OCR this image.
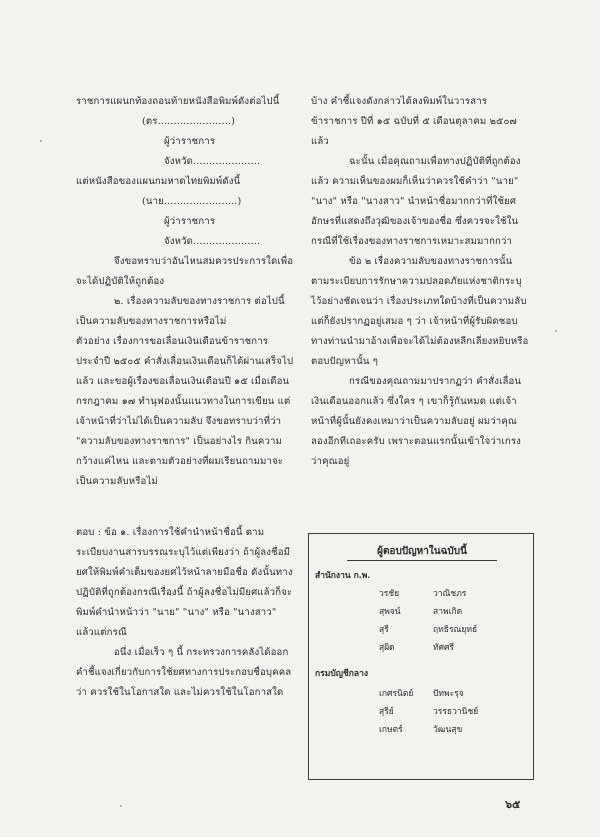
ราชการแผนกท้องถอนท้ายหนังสือพิมพ์ดังต่อไปนี้

(ตร.......................)

ผู้ว่าราชการจังหวัด.....................

แต่หนังสือของแผนกมหาดไทยพิมพ์ดังนี้

(นาย.......................)

ผู้ว่าราชการจังหวัด.....................

จึงขอทราบว่าอันไหนสมควรประการใดเพื่อจะได้ปฏิบัติให้ถูกต้อง

๒. เรื่องความลับของทางราชการ ต่อไปนี้เป็นความลับของทางราชการหรือไม่

ตัวอย่าง เรื่องการขอเลื่อนเงินเดือนข้าราชการประจำปี ๒๕๐๕ คำสั่งเลื่อนเงินเดือนก็ได้ผ่านเสร็จไปแล้ว และขอผู้เรื่องขอเลื่อนเงินเดือนปี ๑๕ เมื่อเดือนกรกฎาคม ๑๗ ทำนุฟองนั้นแนวทางในการเขียน แต่เจ้าหน้าที่ว่าไม่ได้เป็นความลับ จึงขอทราบว่าที่ว่า "ความลับของทางราชการ" เป็นอย่างไร กินความกว้างแค่ไหน และตามตัวอย่างที่ผมเรียนถามมาจะเป็นความลับหรือไม่

บ้าง คำชี้แจงดังกล่าวได้ลงพิมพ์ในวารสารข้าราชการ ปีที่ ๑๕ ฉบับที่ ๕ เดือนตุลาคม ๒๕๐๗ แล้ว

ฉะนั้น เมื่อคุณถามเพื่อทางปฏิบัติที่ถูกต้องแล้ว ความเห็นของผมก็เห็นว่าควรใช้คำว่า "นาย" "นาง" หรือ "นางสาว" นำหน้าชื่อมากกว่าที่ใช้ยศ อักษรที่แสดงถึงวุฒิของเจ้าของชื่อ ซึ่งควรจะใช้ในกรณีที่ใช้เรื่องของทางราชการเหมาะสมมากกว่า

ข้อ ๒ เรื่องความลับของทางราชการนั้น ตามระเบียบการรักษาความปลอดภัยแห่งชาติกระบุไว้อย่างชัดเจนว่า เรื่องประเภทใดบ้างที่เป็นความลับ แต่ก็ยังปรากฏอยู่เสมอ ๆ ว่า เจ้าหน้าที่ผู้รับผิดชอบทางท่านนำมาอ้างเพื่อจะได้ไม่ต้องหลีกเลี่ยงหยิบหรือตอบปัญหานั้น ๆ

กรณีของคุณถามมาปรากฏว่า คำสั่งเลื่อนเงินเดือนออกแล้ว ซึ่งใคร ๆ เขาก็รู้กันหมด แต่เจ้าหน้าที่ผู้นั้นยังคงเหมาว่าเป็นความลับอยู่ ผมว่าคุณลองอีกทีเถอะครับ เพราะตอนแรกนั้นเข้าใจว่าเกรงว่าคุณอยู่

ตอบ : ข้อ ๑. เรื่องการใช้คำนำหน้าชื่อนี้ ตามระเบียบงานสารบรรณระบุไว้แต่เพียงว่า ถ้าผู้ลงชื่อมียศให้พิมพ์คำเต็มของยศไว้หน้าลายมือชื่อ ดังนั้นทางปฏิบัติที่ถูกต้องกรณีเรื่องนี้ ถ้าผู้ลงชื่อไม่มียศแล้วก็จะพิมพ์คำนำหน้าว่า "นาย" "นาง" หรือ "นางสาว" แล้วแต่กรณี

อนึ่ง เมื่อเร็ว ๆ นี้ กระทรวงการคลังได้ออกคำชี้แจงเกี่ยวกับการใช้ยศทางการประกอบชื่อบุคคลว่า ควรใช้ในโอกาสใด และไม่ควรใช้ในโอกาสใด

ผู้ตอบปัญหาในฉบับนี้
สำนักงาน ก.พ.
วรชัย	วาณิชภร
สุพจน์	สาพเกิด
สุรี	ฤทธิรณยุทธ์
สุผิด	ทัศศรี
กรมบัญชีกลาง
เกศรนิตย์ ปัทพะรุจ
สุรีย์	วรรธวานิชย์
เกษตร์	วัฒนสุข
๖๕
